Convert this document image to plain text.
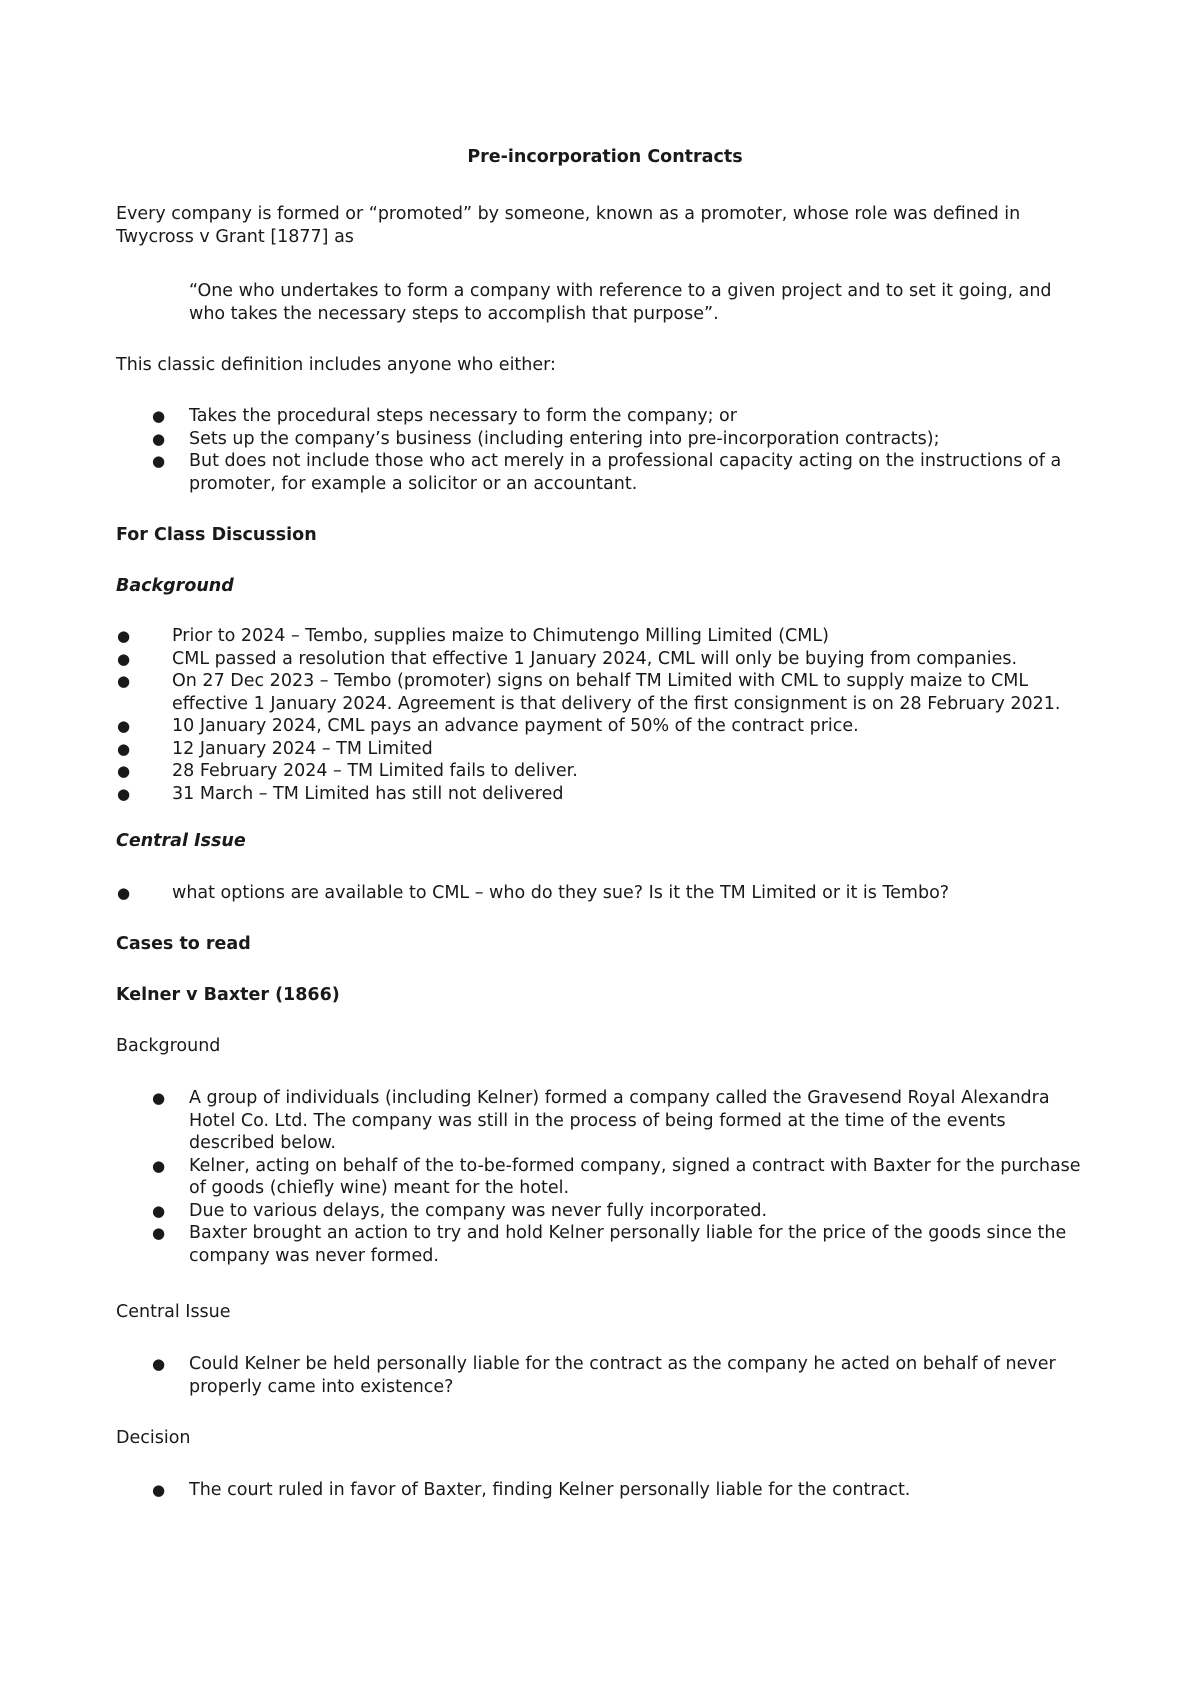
Pre-incorporation Contracts

Every company is formed or “promoted” by someone, known as a promoter, whose role was defined in Twycross v Grant [1877] as

“One who undertakes to form a company with reference to a given project and to set it going, and who takes the necessary steps to accomplish that purpose”.

This classic definition includes anyone who either:

● Takes the procedural steps necessary to form the company; or
● Sets up the company’s business (including entering into pre-incorporation contracts);
● But does not include those who act merely in a professional capacity acting on the instructions of a promoter, for example a solicitor or an accountant.

For Class Discussion

Background

● Prior to 2024 – Tembo, supplies maize to Chimutengo Milling Limited (CML)
● CML passed a resolution that effective 1 January 2024, CML will only be buying from companies.
● On 27 Dec 2023 – Tembo (promoter) signs on behalf TM Limited with CML to supply maize to CML effective 1 January 2024. Agreement is that delivery of the first consignment is on 28 February 2021.
● 10 January 2024, CML pays an advance payment of 50% of the contract price.
● 12 January 2024 – TM Limited
● 28 February 2024 – TM Limited fails to deliver.
● 31 March – TM Limited has still not delivered

Central Issue

● what options are available to CML – who do they sue? Is it the TM Limited or it is Tembo?

Cases to read

Kelner v Baxter (1866)

Background

● A group of individuals (including Kelner) formed a company called the Gravesend Royal Alexandra Hotel Co. Ltd. The company was still in the process of being formed at the time of the events described below.
● Kelner, acting on behalf of the to-be-formed company, signed a contract with Baxter for the purchase of goods (chiefly wine) meant for the hotel.
● Due to various delays, the company was never fully incorporated.
● Baxter brought an action to try and hold Kelner personally liable for the price of the goods since the company was never formed.

Central Issue

● Could Kelner be held personally liable for the contract as the company he acted on behalf of never properly came into existence?

Decision

● The court ruled in favor of Baxter, finding Kelner personally liable for the contract.
